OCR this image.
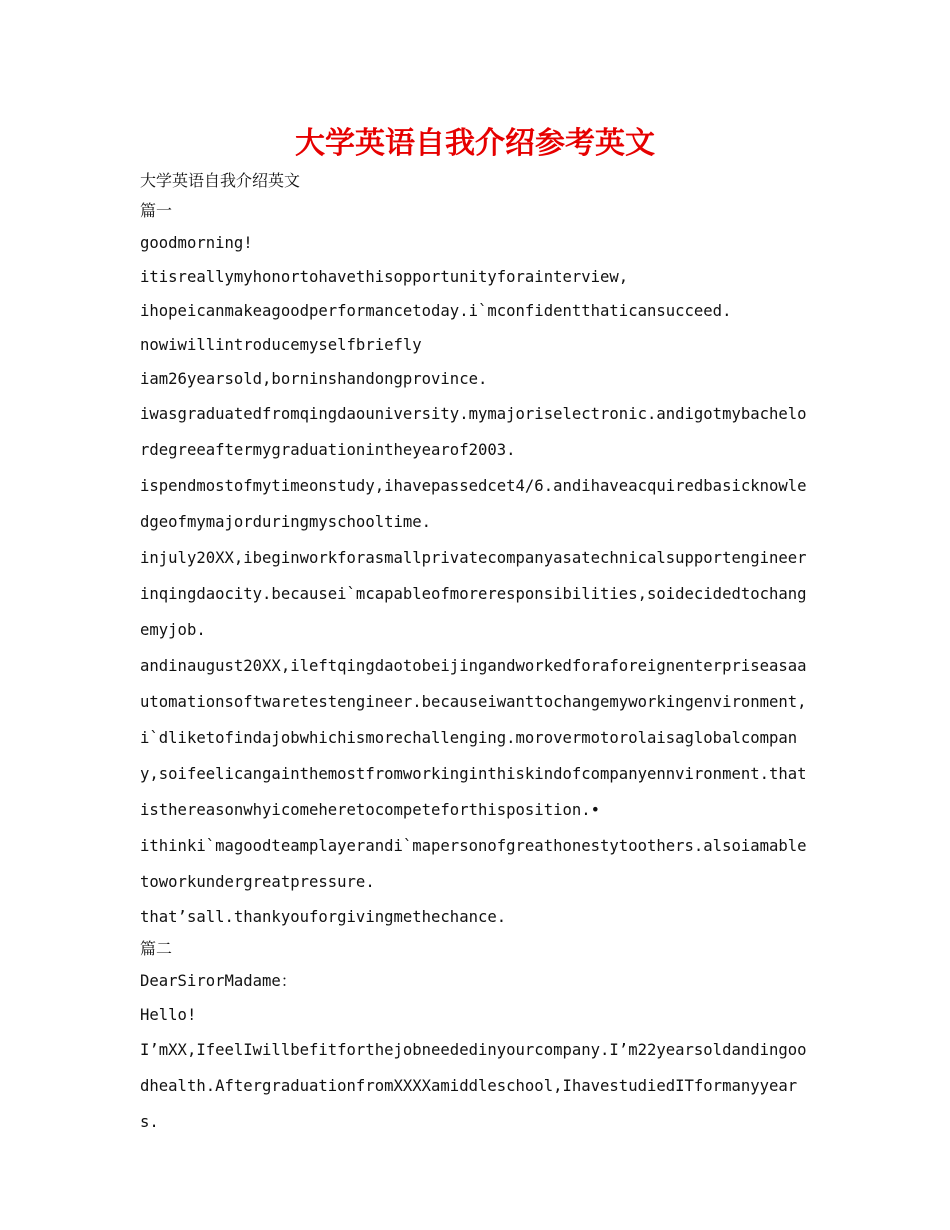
大学英语自我介绍参考英文

大学英语自我介绍英文

篇一

goodmorning!

itisreallymyhonortohavethisopportunityforainterview,

ihopeicanmakeagoodperformancetoday.i`mconfidentthaticansucceed.

nowiwillintroducemyselfbriefly

iam26yearsold,borninshandongprovince.

iwasgraduatedfromqingdaouniversity.mymajoriselectronic.andigotmybachelordegreeaftermygraduationintheyearof2003.

ispendmostofmytimeonstudy,ihavepassedcet4/6.andihaveacquiredbasicknowledgeofmymajorduringmyschooltime.

injuly20XX,ibeginworkforasmallprivatecompanyasatechnicalsupportengineerinqingdaocity.becausei`mcapableofmoreresponsibilities,soidecidedtochangemyjob.

andinaugust20XX,ileftqingdaotobeijingandworkedforaforeignenterpriseasaautomationsoftwaretestengineer.becauseiwanttochangemyworkingenvironment,i`dliketofindajobwhichismorechallenging.morovermotorolaisaglobalcompany,soifeelicangainthemostfromworkinginthiskindofcompanyennvironment.thatisthereasonwhyicomeheretocompeteforthisposition.•

ithinki`magoodteamplayerandi`mapersonofgreathonestytoothers.alsoiamabletoworkundergreatpressure.

that’sall.thankyouforgivingmethechance.

篇二

DearSirorMadame：

Hello!

I’mXX,IfeelIwillbefitforthejobneededinyourcompany.I’m22yearsoldandingoodhealth.AftergraduationfromXXXXamiddleschool,IhavestudiedITformanyyears.
